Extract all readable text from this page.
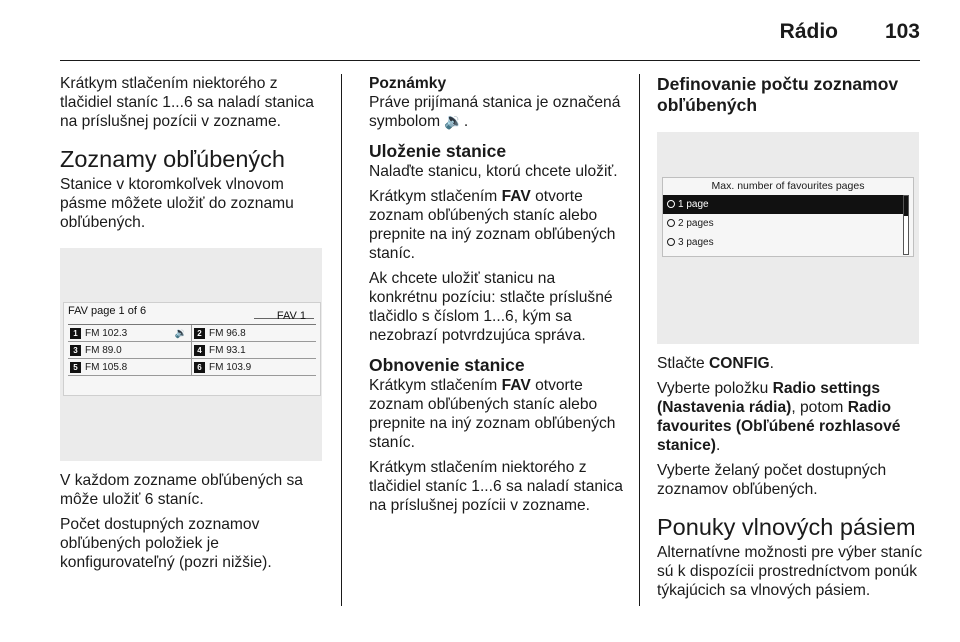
Rádio 103

Krátkym stlačením niektorého z tlačidiel staníc 1...6 sa naladí stanica na príslušnej pozícii v zozname.

Zoznamy obľúbených

Stanice v ktoromkoľvek vlnovom pásme môžete uložiť do zoznamu obľúbených.

FAV page 1 of 6	FAV 1
1 FM 102.3	🔉	2 FM 96.8
3 FM 89.0	4 FM 93.1
5 FM 105.8	6 FM 103.9

V každom zozname obľúbených sa môže uložiť 6 staníc.

Počet dostupných zoznamov obľúbených položiek je konfigurovateľný (pozri nižšie).

Poznámky

Práve prijímaná stanica je označená symbolom 🔉.

Uloženie stanice

Nalaďte stanicu, ktorú chcete uložiť.

Krátkym stlačením FAV otvorte zoznam obľúbených staníc alebo prepnite na iný zoznam obľúbených staníc.

Ak chcete uložiť stanicu na konkrétnu pozíciu: stlačte príslušné tlačidlo s číslom 1...6, kým sa nezobrazí potvrdzujúca správa.

Obnovenie stanice

Krátkym stlačením FAV otvorte zoznam obľúbených staníc alebo prepnite na iný zoznam obľúbených staníc.

Krátkym stlačením niektorého z tlačidiel staníc 1...6 sa naladí stanica na príslušnej pozícii v zozname.

Definovanie počtu zoznamov obľúbených
Max. number of favourites pages
1 page
2 pages
3 pages

Stlačte CONFIG.

Vyberte položku Radio settings (Nastavenia rádia), potom Radio favourites (Obľúbené rozhlasové stanice).

Vyberte želaný počet dostupných zoznamov obľúbených.

Ponuky vlnových pásiem

Alternatívne možnosti pre výber staníc sú k dispozícii prostredníctvom ponúk týkajúcich sa vlnových pásiem.
